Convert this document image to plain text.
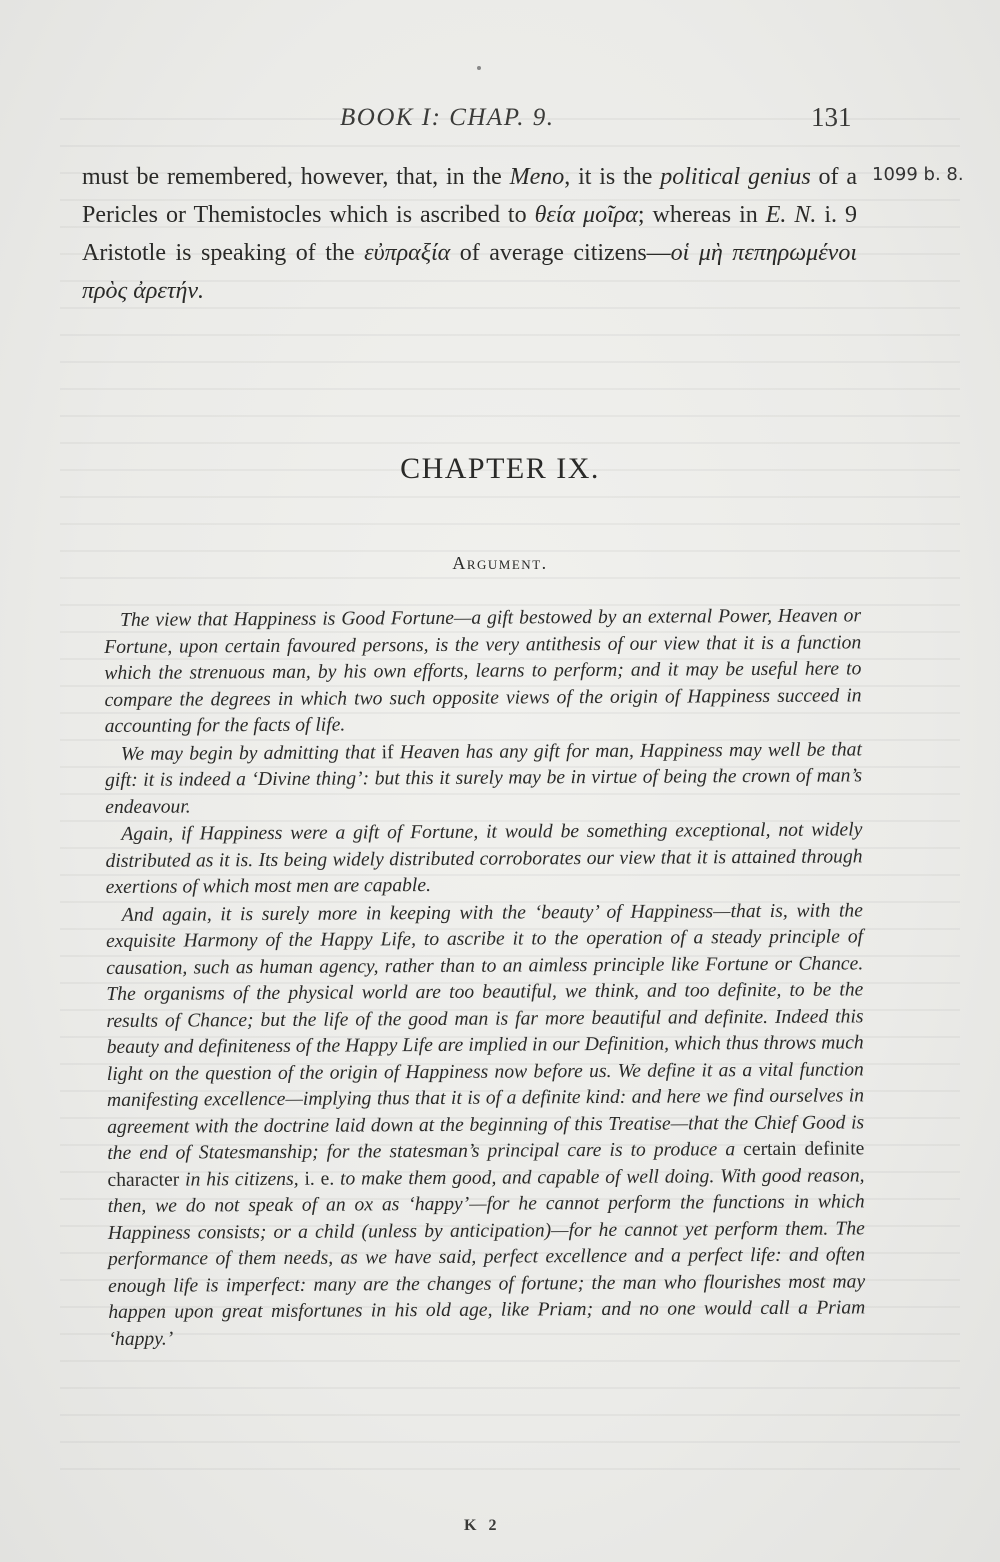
BOOK I: CHAP. 9.	131
1099 b. 8.
must be remembered, however, that, in the Meno, it is the political genius of a Pericles or Themistocles which is ascribed to θεία μοῖρα; whereas in E. N. i. 9 Aristotle is speaking of the εὐπραξία of average citizens—οἱ μὴ πεπηρωμένοι πρὸς ἀρετήν.
CHAPTER IX.
Argument.

The view that Happiness is Good Fortune—a gift bestowed by an external Power, Heaven or Fortune, upon certain favoured persons, is the very antithesis of our view that it is a function which the strenuous man, by his own efforts, learns to perform; and it may be useful here to compare the degrees in which two such opposite views of the origin of Happiness succeed in accounting for the facts of life.

We may begin by admitting that if Heaven has any gift for man, Happiness may well be that gift: it is indeed a ‘Divine thing’: but this it surely may be in virtue of being the crown of man’s endeavour.

Again, if Happiness were a gift of Fortune, it would be something exceptional, not widely distributed as it is. Its being widely distributed corroborates our view that it is attained through exertions of which most men are capable.

And again, it is surely more in keeping with the ‘beauty’ of Happiness—that is, with the exquisite Harmony of the Happy Life, to ascribe it to the operation of a steady principle of causation, such as human agency, rather than to an aimless principle like Fortune or Chance. The organisms of the physical world are too beautiful, we think, and too definite, to be the results of Chance; but the life of the good man is far more beautiful and definite. Indeed this beauty and definiteness of the Happy Life are implied in our Definition, which thus throws much light on the question of the origin of Happiness now before us. We define it as a vital function manifesting excellence—implying thus that it is of a definite kind: and here we find ourselves in agreement with the doctrine laid down at the beginning of this Treatise—that the Chief Good is the end of Statesmanship; for the statesman’s principal care is to produce a certain definite character in his citizens, i. e. to make them good, and capable of well doing. With good reason, then, we do not speak of an ox as ‘happy’—for he cannot perform the functions in which Happiness consists; or a child (unless by anticipation)—for he cannot yet perform them. The performance of them needs, as we have said, perfect excellence and a perfect life: and often enough life is imperfect: many are the changes of fortune; the man who flourishes most may happen upon great misfortunes in his old age, like Priam; and no one would call a Priam ‘happy.’

K 2
